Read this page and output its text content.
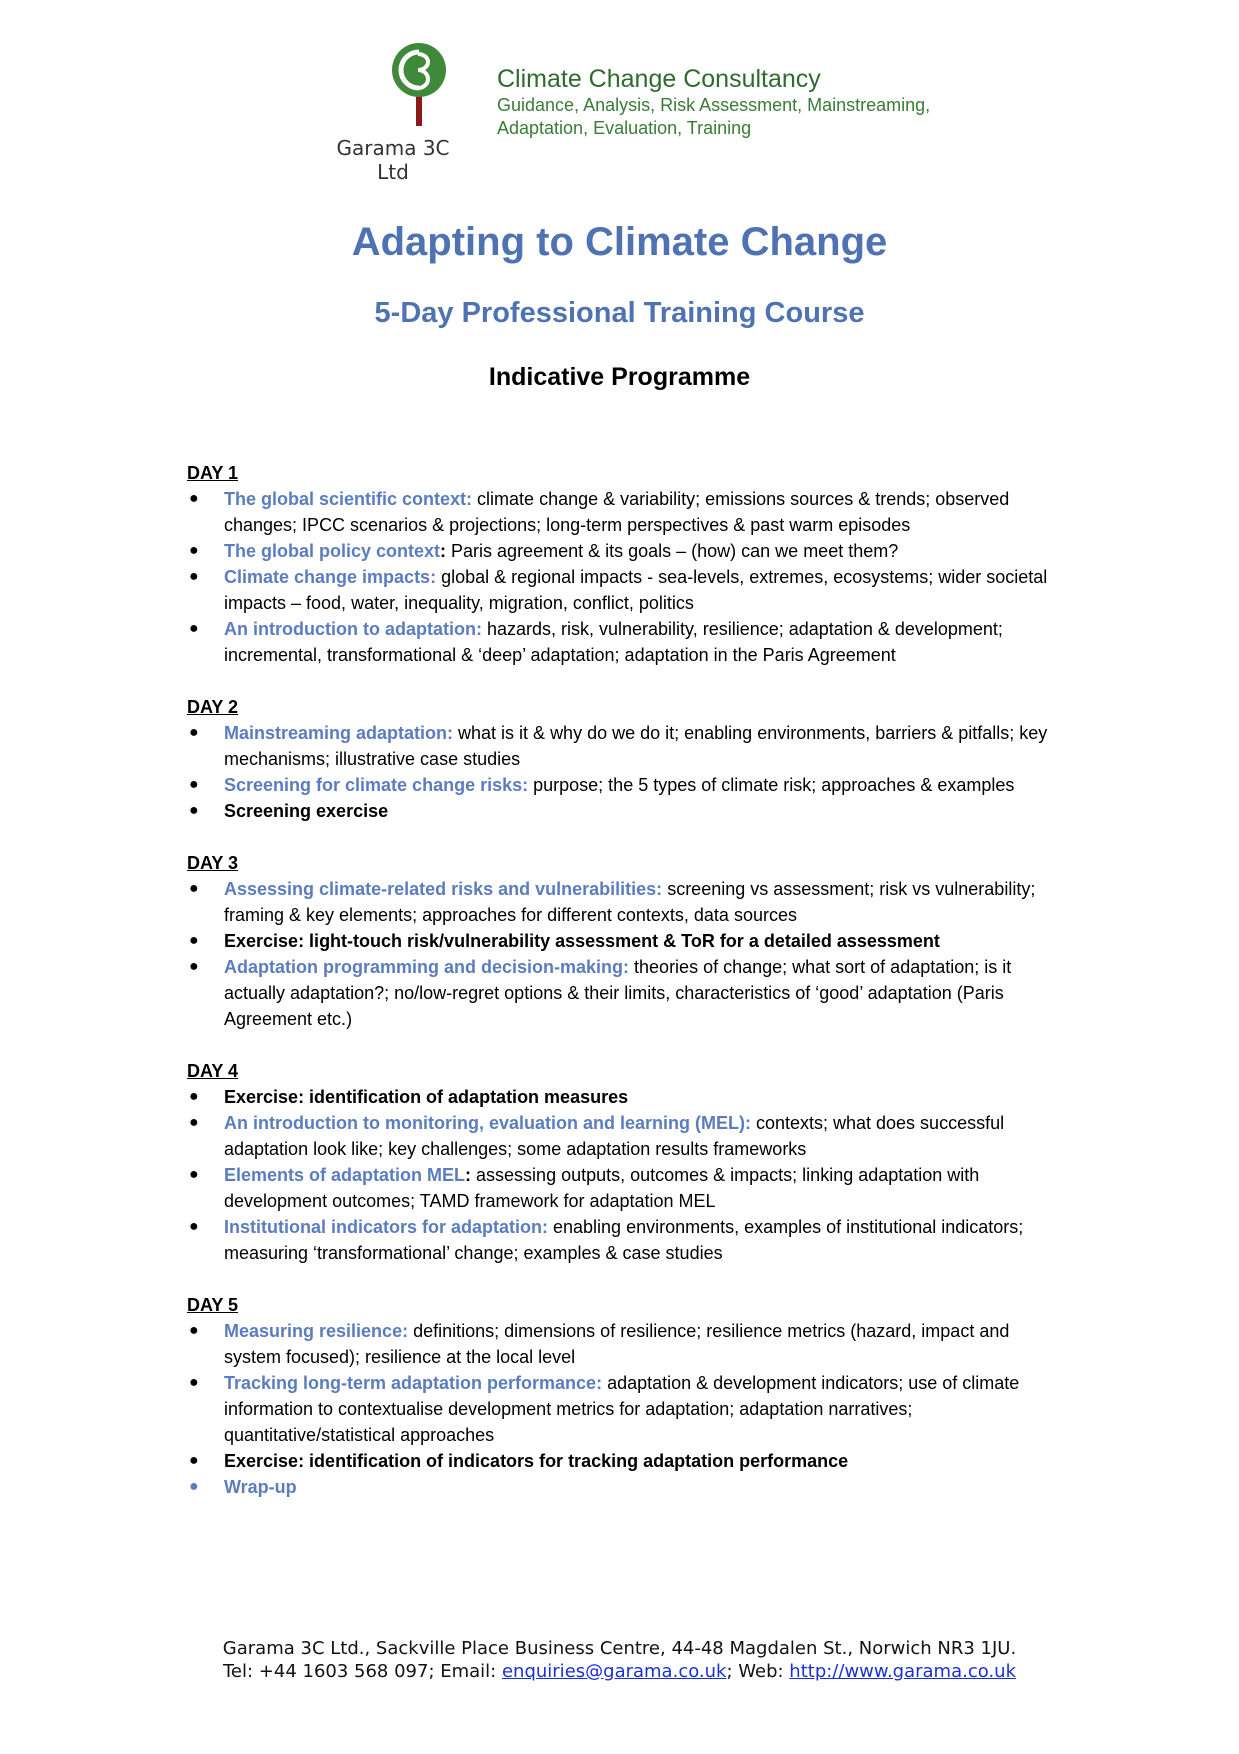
Garama 3C Ltd

Climate Change Consultancy

Guidance, Analysis, Risk Assessment, Mainstreaming,

Adaptation, Evaluation, Training

Adapting to Climate Change
5-Day Professional Training Course
Indicative Programme

DAY 1

● The global scientific context: climate change & variability; emissions sources & trends; observed changes; IPCC scenarios & projections; long-term perspectives & past warm episodes
● The global policy context: Paris agreement & its goals – (how) can we meet them?
● Climate change impacts: global & regional impacts - sea-levels, extremes, ecosystems; wider societal impacts – food, water, inequality, migration, conflict, politics
● An introduction to adaptation: hazards, risk, vulnerability, resilience; adaptation & development; incremental, transformational & ‘deep’ adaptation; adaptation in the Paris Agreement

DAY 2

● Mainstreaming adaptation: what is it & why do we do it; enabling environments, barriers & pitfalls; key mechanisms; illustrative case studies
● Screening for climate change risks: purpose; the 5 types of climate risk; approaches & examples
● Screening exercise

DAY 3

● Assessing climate-related risks and vulnerabilities: screening vs assessment; risk vs vulnerability; framing & key elements; approaches for different contexts, data sources
● Exercise: light-touch risk/vulnerability assessment & ToR for a detailed assessment
● Adaptation programming and decision-making: theories of change; what sort of adaptation; is it actually adaptation?; no/low-regret options & their limits, characteristics of ‘good’ adaptation (Paris Agreement etc.)

DAY 4

● Exercise: identification of adaptation measures
● An introduction to monitoring, evaluation and learning (MEL): contexts; what does successful adaptation look like; key challenges; some adaptation results frameworks
● Elements of adaptation MEL: assessing outputs, outcomes & impacts; linking adaptation with development outcomes; TAMD framework for adaptation MEL
● Institutional indicators for adaptation: enabling environments, examples of institutional indicators; measuring ‘transformational’ change; examples & case studies

DAY 5

● Measuring resilience: definitions; dimensions of resilience; resilience metrics (hazard, impact and system focused); resilience at the local level
● Tracking long-term adaptation performance: adaptation & development indicators; use of climate information to contextualise development metrics for adaptation; adaptation narratives; quantitative/statistical approaches
● Exercise: identification of indicators for tracking adaptation performance
● Wrap-up

Garama 3C Ltd., Sackville Place Business Centre, 44-48 Magdalen St., Norwich NR3 1JU.

Tel: +44 1603 568 097; Email: enquiries@garama.co.uk; Web: http://www.garama.co.uk
